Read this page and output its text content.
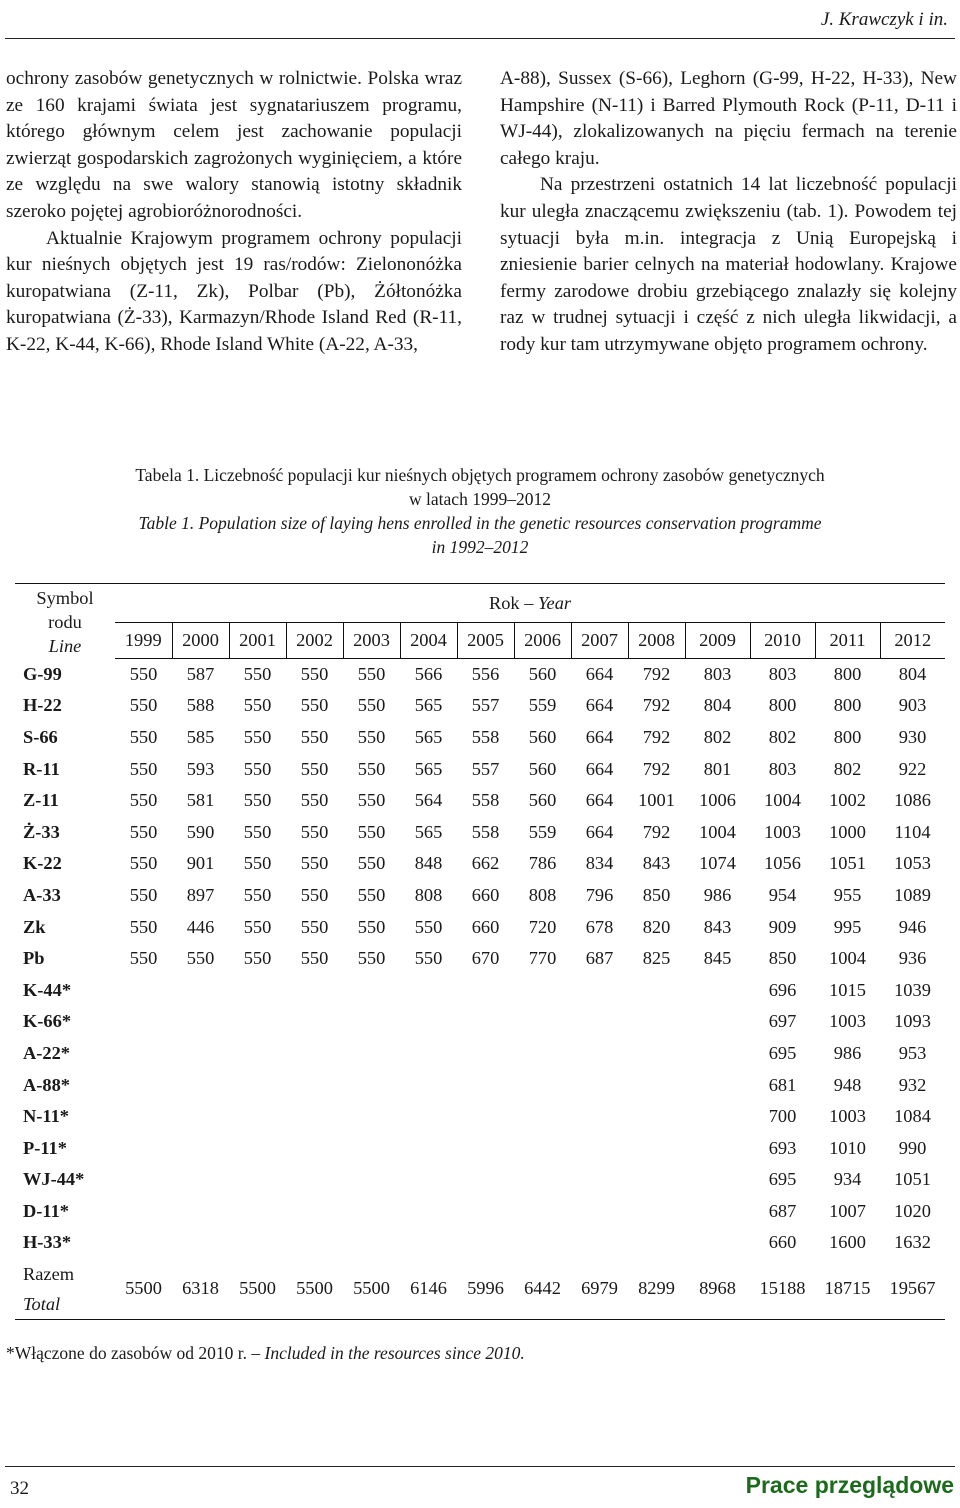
J. Krawczyk i in.

ochrony zasobów genetycznych w rolnictwie. Polska wraz ze 160 krajami świata jest sygnatariuszem programu, którego głównym celem jest zachowanie populacji zwierząt gospodarskich zagrożonych wyginięciem, a które ze względu na swe walory stanowią istotny składnik szeroko pojętej agrobioróżnorodności.

Aktualnie Krajowym programem ochrony populacji kur nieśnych objętych jest 19 ras/rodów: Zielononóżka kuropatwiana (Z-11, Zk), Polbar (Pb), Żółtonóżka kuropatwiana (Ż-33), Karmazyn/Rhode Island Red (R-11, K-22, K-44, K-66), Rhode Island White (A-22, A-33,

A-88), Sussex (S-66), Leghorn (G-99, H-22, H-33), New Hampshire (N-11) i Barred Plymouth Rock (P-11, D-11 i WJ-44), zlokalizowanych na pięciu fermach na terenie całego kraju.

Na przestrzeni ostatnich 14 lat liczebność populacji kur uległa znaczącemu zwiększeniu (tab. 1). Powodem tej sytuacji była m.in. integracja z Unią Europejską i zniesienie barier celnych na materiał hodowlany. Krajowe fermy zarodowe drobiu grzebiącego znalazły się kolejny raz w trudnej sytuacji i część z nich uległa likwidacji, a rody kur tam utrzymywane objęto programem ochrony.

Tabela 1. Liczebność populacji kur nieśnych objętych programem ochrony zasobów genetycznych
w latach 1999–2012
Table 1. Population size of laying hens enrolled in the genetic resources conservation programme
in 1992–2012

Symbol
rodu
Line	Rok – Year													
	1999	2000	2001	2002	2003	2004	2005	2006	2007	2008	2009	2010	2011	2012
G-99	550	587	550	550	550	566	556	560	664	792	803	803	800	804
H-22	550	588	550	550	550	565	557	559	664	792	804	800	800	903
S-66	550	585	550	550	550	565	558	560	664	792	802	802	800	930
R-11	550	593	550	550	550	565	557	560	664	792	801	803	802	922
Z-11	550	581	550	550	550	564	558	560	664	1001	1006	1004	1002	1086
Ż-33	550	590	550	550	550	565	558	559	664	792	1004	1003	1000	1104
K-22	550	901	550	550	550	848	662	786	834	843	1074	1056	1051	1053
A-33	550	897	550	550	550	808	660	808	796	850	986	954	955	1089
Zk	550	446	550	550	550	550	660	720	678	820	843	909	995	946
Pb	550	550	550	550	550	550	670	770	687	825	845	850	1004	936
K-44*												696	1015	1039
K-66*												697	1003	1093
A-22*												695	986	953
A-88*												681	948	932
N-11*												700	1003	1084
P-11*												693	1010	990
WJ-44*												695	934	1051
D-11*												687	1007	1020
H-33*												660	1600	1632

Razem
Total	5500	6318	5500	5500	5500	6146	5996	6442	6979	8299	8968	15188	18715	19567

*Włączone do zasobów od 2010 r. – Included in the resources since 2010.
32	Prace przeglądowe
